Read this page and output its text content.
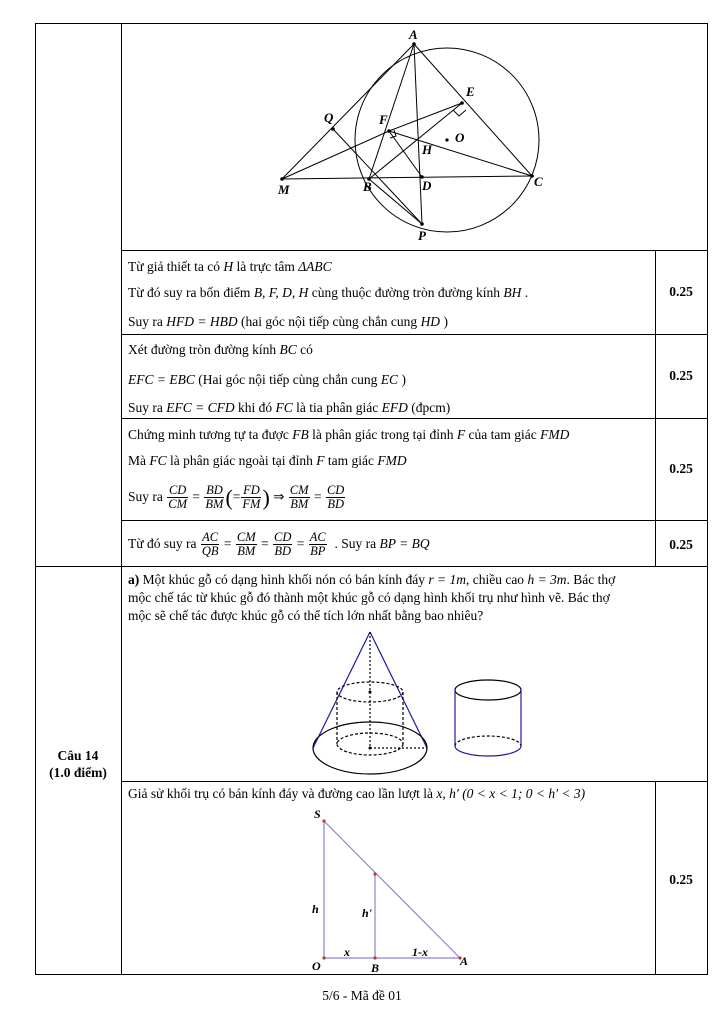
A
E
Q	F
O
H
M	B	D	C
P
Từ giả thiết ta có H là trực tâm ΔABC
Từ đó suy ra bốn điểm B, F, D, H cùng thuộc đường tròn đường kính BH .
Suy ra HFD = HBD (hai góc nội tiếp cùng chắn cung HD )
0.25
Xét đường tròn đường kính BC có
EFC = EBC (Hai góc nội tiếp cùng chắn cung EC )
Suy ra EFC = CFD khi đó FC là tia phân giác EFD (đpcm)
0.25
Chứng minh tương tự ta được FB là phân giác trong tại đỉnh F của tam giác FMD
Mà FC là phân giác ngoài tại đỉnh F tam giác FMD
Suy ra $\frac{CD}{CM} = \frac{BD}{BM}$ (= $\frac{FD}{FM}$ ) ⇒ $\frac{CM}{BM} = \frac{CD}{BD}$
0.25
Từ đó suy ra $\frac{AC}{QB} = \frac{CM}{BM} = \frac{CD}{BD} = \frac{AC}{BP}$ . Suy ra BP = BQ	0.25
Câu 14
(1.0 điểm)
a) Một khúc gỗ có dạng hình khối nón có bán kính đáy r = 1m, chiều cao h = 3m. Bác thợ
mộc chế tác từ khúc gỗ đó thành một khúc gỗ có dạng hình khối trụ như hình vẽ. Bác thợ
mộc sẽ chế tác được khúc gỗ có thể tích lớn nhất bằng bao nhiêu?
Giả sử khối trụ có bán kính đáy và đường cao lần lượt là x, h' (0 < x < 1; 0 < h' < 3)
0.25
S
h	h'
x	1-x
O	B	A
5/6 - Mã đề 01
